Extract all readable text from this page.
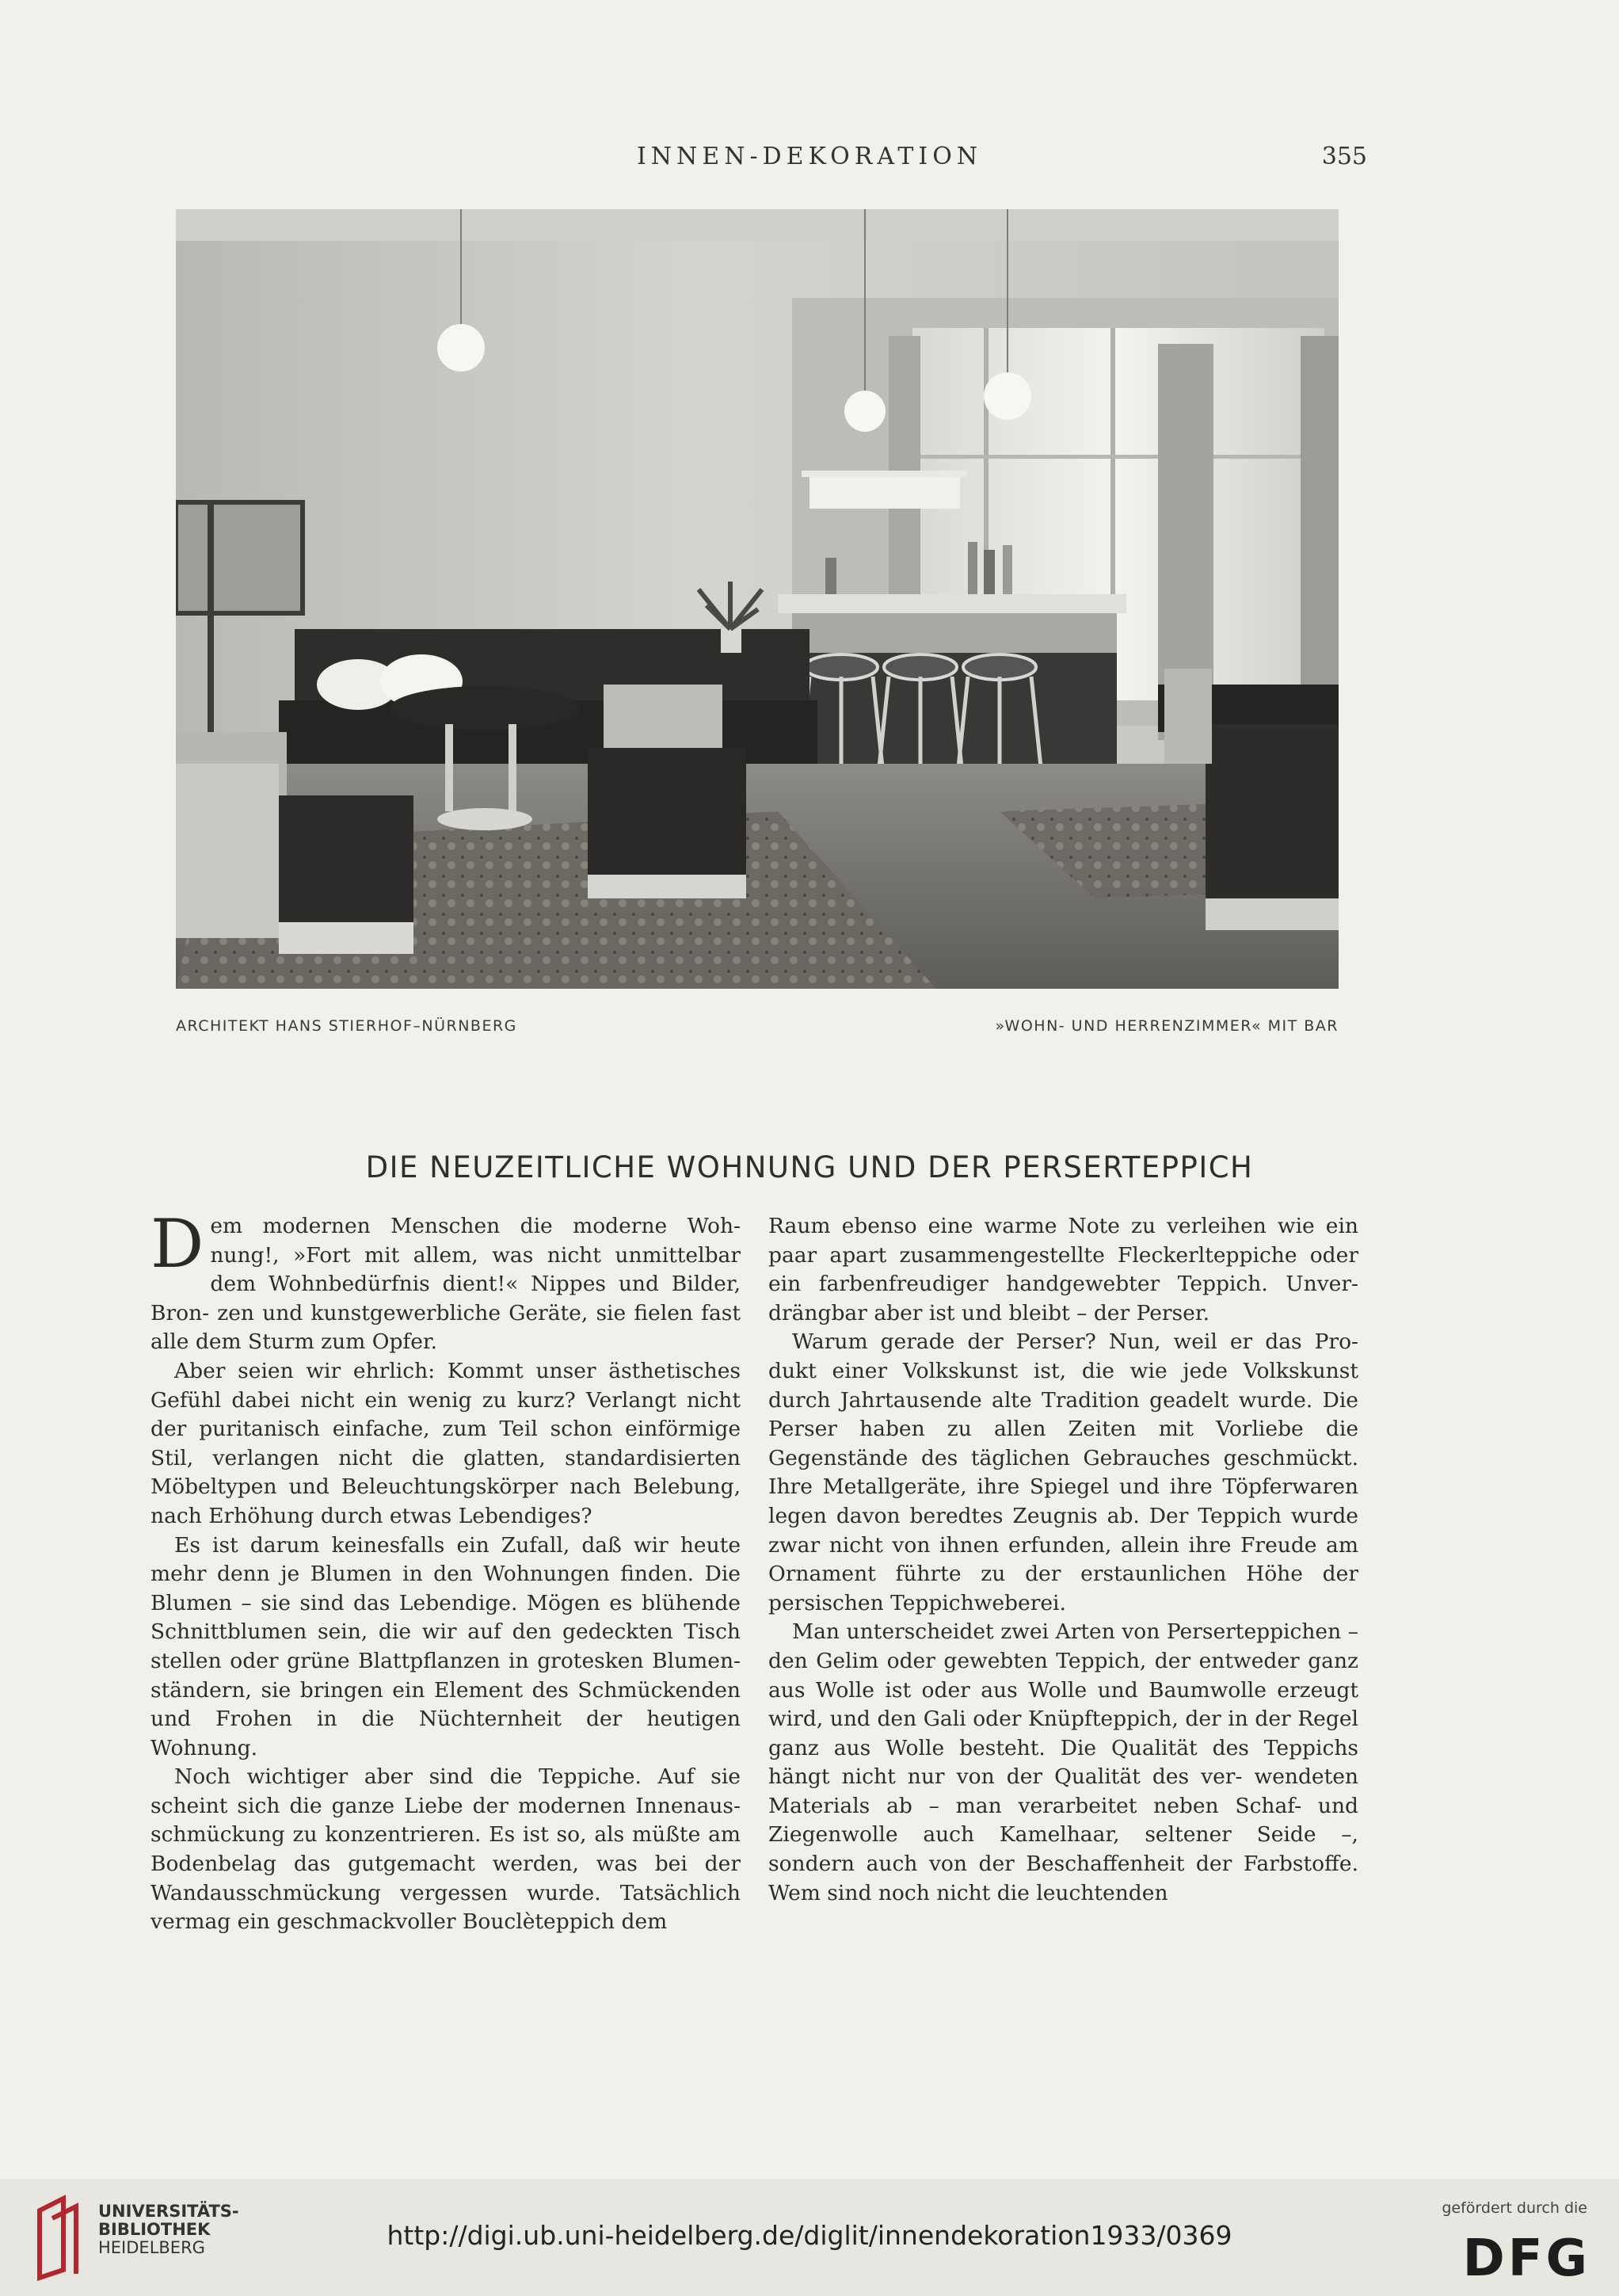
INNEN-DEKORATION	355
ARCHITEKT HANS STIERHOF–NÜRNBERG	»WOHN- UND HERRENZIMMER« MIT BAR
DIE NEUZEITLICHE WOHNUNG UND DER PERSERTEPPICH

Dem modernen Menschen die moderne Woh- nung!, »Fort mit allem, was nicht unmittelbar dem Wohnbedürfnis dient!« Nippes und Bilder, Bron- zen und kunstgewerbliche Geräte, sie fielen fast alle dem Sturm zum Opfer.

Aber seien wir ehrlich: Kommt unser ästhetisches Gefühl dabei nicht ein wenig zu kurz? Verlangt nicht der puritanisch einfache, zum Teil schon einförmige Stil, verlangen nicht die glatten, standardisierten Möbeltypen und Beleuchtungskörper nach Belebung, nach Erhöhung durch etwas Lebendiges?

Es ist darum keinesfalls ein Zufall, daß wir heute mehr denn je Blumen in den Wohnungen finden. Die Blumen – sie sind das Lebendige. Mögen es blühende Schnittblumen sein, die wir auf den gedeckten Tisch stellen oder grüne Blattpflanzen in grotesken Blumen- ständern, sie bringen ein Element des Schmückenden und Frohen in die Nüchternheit der heutigen Wohnung.

Noch wichtiger aber sind die Teppiche. Auf sie scheint sich die ganze Liebe der modernen Innenaus- schmückung zu konzentrieren. Es ist so, als müßte am Bodenbelag das gutgemacht werden, was bei der Wandausschmückung vergessen wurde. Tatsächlich vermag ein geschmackvoller Bouclèteppich dem

Raum ebenso eine warme Note zu verleihen wie ein paar apart zusammengestellte Fleckerlteppiche oder ein farbenfreudiger handgewebter Teppich. Unver- drängbar aber ist und bleibt – der Perser.

Warum gerade der Perser? Nun, weil er das Pro- dukt einer Volkskunst ist, die wie jede Volkskunst durch Jahrtausende alte Tradition geadelt wurde. Die Perser haben zu allen Zeiten mit Vorliebe die Gegenstände des täglichen Gebrauches geschmückt. Ihre Metallgeräte, ihre Spiegel und ihre Töpferwaren legen davon beredtes Zeugnis ab. Der Teppich wurde zwar nicht von ihnen erfunden, allein ihre Freude am Ornament führte zu der erstaunlichen Höhe der persischen Teppichweberei.

Man unterscheidet zwei Arten von Perserteppichen – den Gelim oder gewebten Teppich, der entweder ganz aus Wolle ist oder aus Wolle und Baumwolle erzeugt wird, und den Gali oder Knüpfteppich, der in der Regel ganz aus Wolle besteht. Die Qualität des Teppichs hängt nicht nur von der Qualität des ver- wendeten Materials ab – man verarbeitet neben Schaf- und Ziegenwolle auch Kamelhaar, seltener Seide –, sondern auch von der Beschaffenheit der Farbstoffe. Wem sind noch nicht die leuchtenden

UNIVERSITÄTS-
BIBLIOTHEK
HEIDELBERG	http://digi.ub.uni-heidelberg.de/diglit/innendekoration1933/0369
gefördert durch die
DFG
